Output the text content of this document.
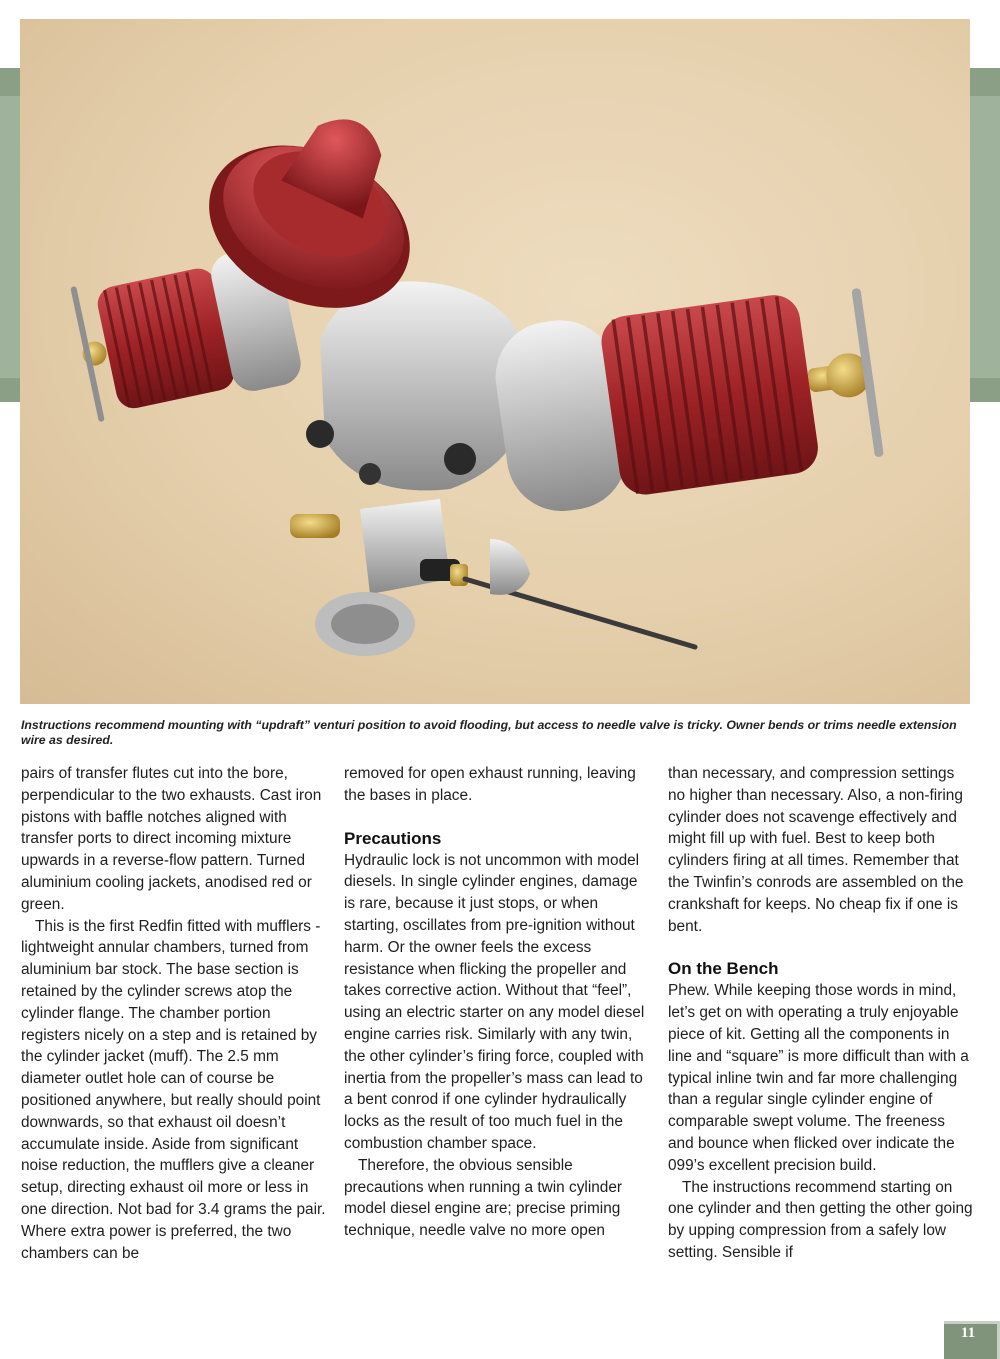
Instructions recommend mounting with “updraft” venturi position to avoid flooding, but access to needle valve is tricky. Owner bends or trims needle extension wire as desired.

pairs of transfer flutes cut into the bore, perpendicular to the two exhausts. Cast iron pistons with baffle notches aligned with transfer ports to direct incoming mixture upwards in a reverse-flow pattern. Turned aluminium cooling jackets, anodised red or green.

This is the first Redfin fitted with mufflers - lightweight annular chambers, turned from aluminium bar stock. The base section is retained by the cylinder screws atop the cylinder flange. The chamber portion registers nicely on a step and is retained by the cylinder jacket (muff). The 2.5 mm diameter outlet hole can of course be positioned anywhere, but really should point downwards, so that exhaust oil doesn’t accumulate inside. Aside from significant noise reduction, the mufflers give a cleaner setup, directing exhaust oil more or less in one direction. Not bad for 3.4 grams the pair. Where extra power is preferred, the two chambers can be

removed for open exhaust running, leaving the bases in place.

Precautions

Hydraulic lock is not uncommon with model diesels. In single cylinder engines, damage is rare, because it just stops, or when starting, oscillates from pre-ignition without harm. Or the owner feels the excess resistance when flicking the propeller and takes corrective action. Without that “feel”, using an electric starter on any model diesel engine carries risk. Similarly with any twin, the other cylinder’s firing force, coupled with inertia from the propeller’s mass can lead to a bent conrod if one cylinder hydraulically locks as the result of too much fuel in the combustion chamber space.

Therefore, the obvious sensible precautions when running a twin cylinder model diesel engine are; precise priming technique, needle valve no more open

than necessary, and compression settings no higher than necessary. Also, a non-firing cylinder does not scavenge effectively and might fill up with fuel. Best to keep both cylinders firing at all times. Remember that the Twinfin’s conrods are assembled on the crankshaft for keeps. No cheap fix if one is bent.

On the Bench

Phew. While keeping those words in mind, let’s get on with operating a truly enjoyable piece of kit. Getting all the components in line and “square” is more difficult than with a typical inline twin and far more challenging than a regular single cylinder engine of comparable swept volume. The freeness and bounce when flicked over indicate the 099’s excellent precision build.

The instructions recommend starting on one cylinder and then getting the other going by upping compression from a safely low setting. Sensible if

11
